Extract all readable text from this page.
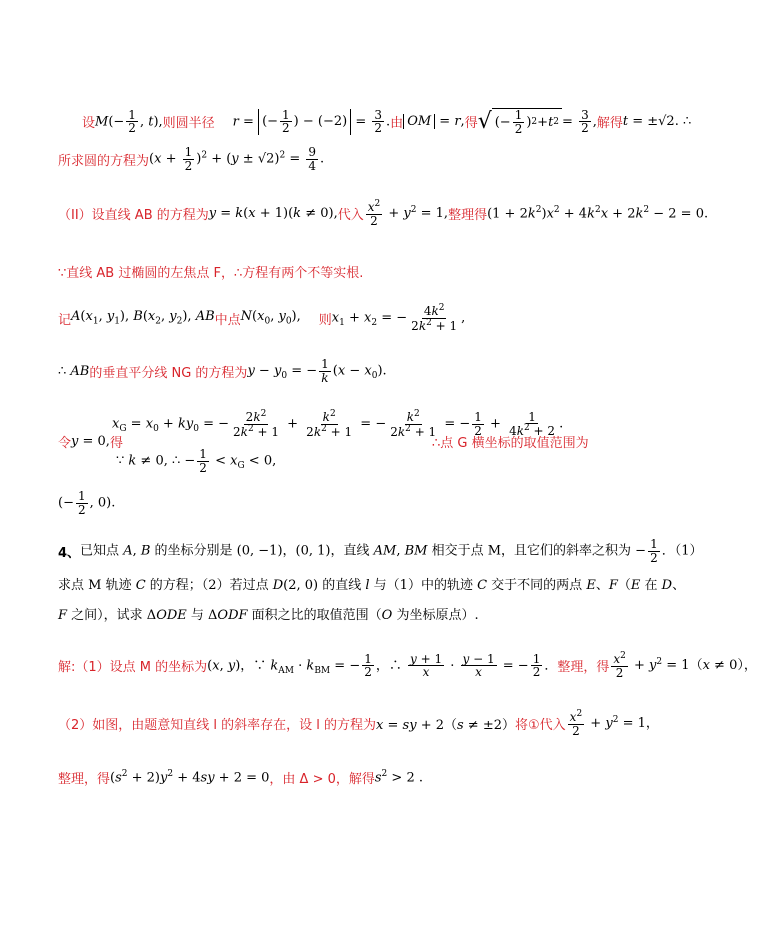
设 $M(- \frac{1}{2}$ , t), 则圆半径 r = (− $\frac{1}{2}$ ) − $(-2) = \frac{3}{2}$ . 由 OM = r, 得 √ (− $\frac{1}{2}$ ) 2 + t $2 = \frac{3}{2}$ , 解得 t = ±√2. ∴
所求圆的方程为 $(x + \frac{1}{2} )^2 + (y \pm √2)^2 = \frac{9}{4}$ .
（II）设直线 AB 的方程为 y = k(x + 1)(k ≠ 0), 代入 $\frac{x^2}{2} + y^2 = 1$, 整理得 $(1 + 2k^2)x^2 + 4k^2x + 2k^2 - 2 = 0$.
∵直线 AB 过椭圆的左焦点 F，∴方程有两个不等实根.
记 $A(x_1$, $y_1$), $B(x_2$, $y_2$), AB 中点 $N(x_0$, $y_0$), 则 $x_1 + x_2$ = − $\frac{4k^2}{2k^2 + 1}$ ,
∴ AB 的垂直平分线 NG 的方程为 $y - y_0$ = − $\frac{1}{k} (x - x_0)$.
$x_G = x_0 + ky_0$ = − $\frac{2k^2}{2k^2 + 1} + \frac{k^2}{2k^2 + 1}$ = − $\frac{k^2}{2k^2 + 1}$ = − $\frac{1}{2} + \frac{1}{4k^2 + 2}$ .
令 y = 0, 得	∴点 G 横坐标的取值范围为
∵ k ≠ 0, ∴ − $\frac{1}{2} < x_G < 0$,
(− $\frac{1}{2}$ , 0).
4、 已知点 A, B 的坐标分别是 (0, −1)，(0, 1)，直线 AM, BM 相交于点 M，且它们的斜率之积为 − $\frac{1}{2}$ ．（1）
求点 M 轨迹 C 的方程；（2）若过点 D(2, 0) 的直线 l 与（1）中的轨迹 C 交于不同的两点 E、F（E 在 D、
F 之间），试求 ΔODE 与 ΔODF 面积之比的取值范围（O 为坐标原点）.
解:（1）设点 M 的坐标为 (x, y)，∵ $k_{AM} \cdot k_{BM}$ = − $\frac{1}{2}$ ，∴ $\frac{y + 1}{x} \cdot \frac{y - 1}{x}$ = − $\frac{1}{2}$ ． 整理，得 $\frac{x^2}{2} + y^2 = 1(x \ne 0)$，
（2）如图，由题意知直线 l 的斜率存在，设 l 的方程为 x = sy + 2（s ≠ ±2） 将①代入 $\frac{x^2}{2} + y^2 = 1$，
整理，得 $(s^2 + 2)y^2 + 4sy + 2 = 0$ ，由 Δ > 0，解得 $s^2 > 2$ .
